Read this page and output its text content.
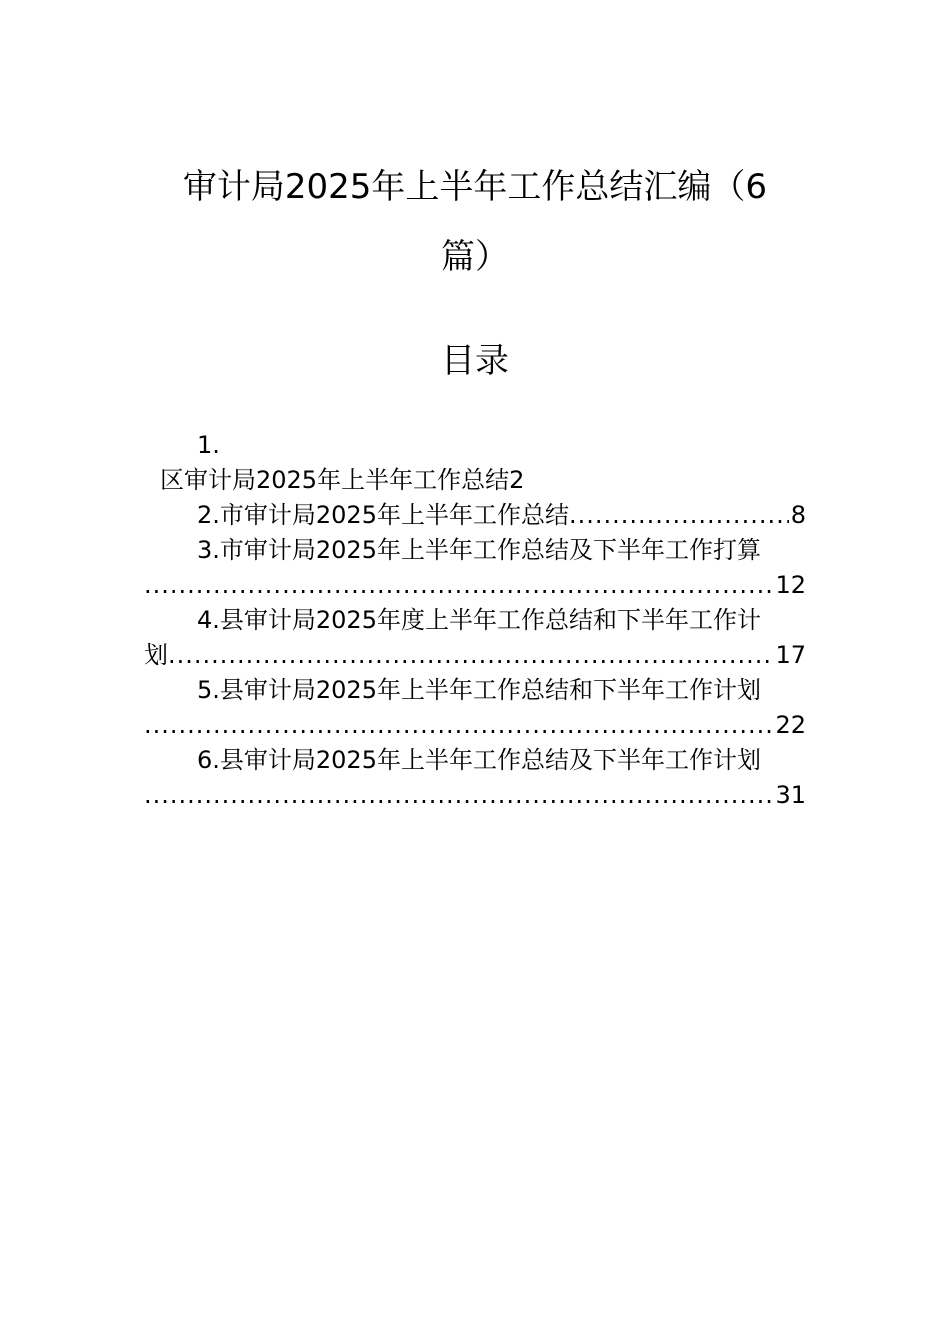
审计局2025年上半年工作总结汇编（6
篇）
目录
1.
区审计局2025年上半年工作总结2
2.市审计局2025年上半年工作总结 .....	8
3.市审计局2025年上半年工作总结及下半年工作打算
.....
12
4.县审计局2025年度上半年工作总结和下半年工作计
划 .....	17
5.县审计局2025年上半年工作总结和下半年工作计划
.....
22
6.县审计局2025年上半年工作总结及下半年工作计划
.....
31
